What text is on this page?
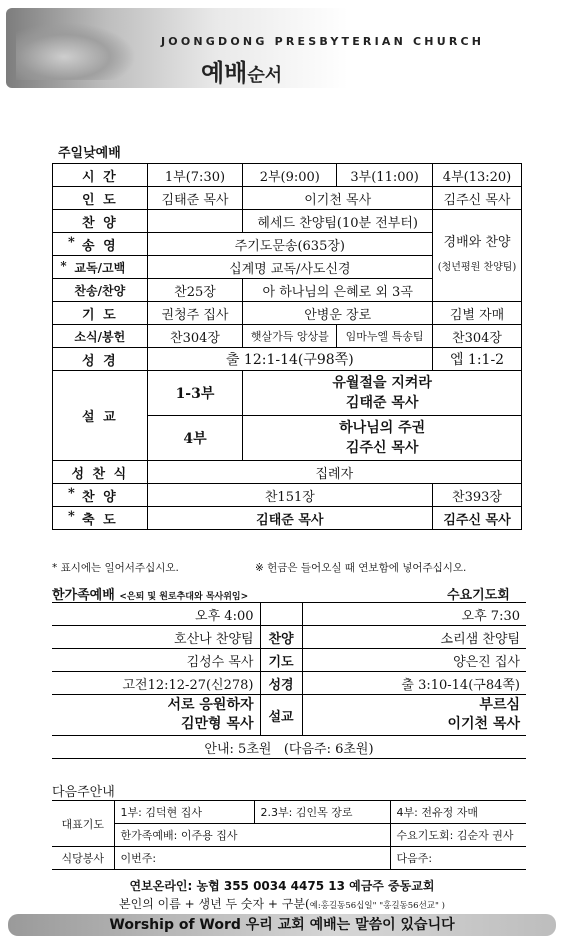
JOONGDONG PRESBYTERIAN CHURCH
예배순서
주일낮예배
시 간	1부(7:30)	2부(9:00)	3부(11:00)	4부(13:20)
인 도	김태준 목사	이기천 목사		김주신 목사
찬 양		헤세드 찬양팀(10분 전부터)		경배와 찬양
(청년평원 찬양팀)
* 송 영	주기도문송(635장)			
* 교독/고백	십계명 교독/사도신경			
찬송/찬양	찬25장	아 하나님의 은혜로 외 3곡		
기 도	권청주 집사	안병운 장로		김별 자매
소식/봉헌	찬304장	햇살가득 앙상블	임마누엘 특송팀	찬304장
성 경	출 12:1-14(구98쪽)			엡 1:1-2
설 교	1-3부	유월절을 지켜라
김태준 목사		
	4부	하나님의 주권
김주신 목사		
성 찬 식	집례자			
* 찬 양	찬151장			찬393장
* 축 도	김태준 목사			김주신 목사
* 표시에는 일어서주십시오.	※ 헌금은 들어오실 때 연보함에 넣어주십시오.
한가족예배 <은퇴 및 원로추대와 목사위임>	수요기도회
오후 4:00		오후 7:30
호산나 찬양팀	찬양	소리샘 찬양팀
김성수 목사	기도	양은진 집사
고전12:12-27(신278)	성경	출 3:10-14(구84쪽)
서로 응원하자
김만형 목사	설교	부르심
이기천 목사
안내: 5초원   (다음주: 6초원)		
다음주안내
대표기도	1부: 김덕현 집사	2.3부: 김인목 장로	4부: 전유정 자매
	한가족예배: 이주용 집사		수요기도회: 김순자 권사
식당봉사	이번주:		다음주:
연보온라인: 농협 355 0034 4475 13 예금주 중동교회
본인의 이름 + 생년 두 숫자 + 구분(예:홍길동56십일" "홍길동56선교" )
Worship of Word 우리 교회 예배는 말씀이 있습니다
